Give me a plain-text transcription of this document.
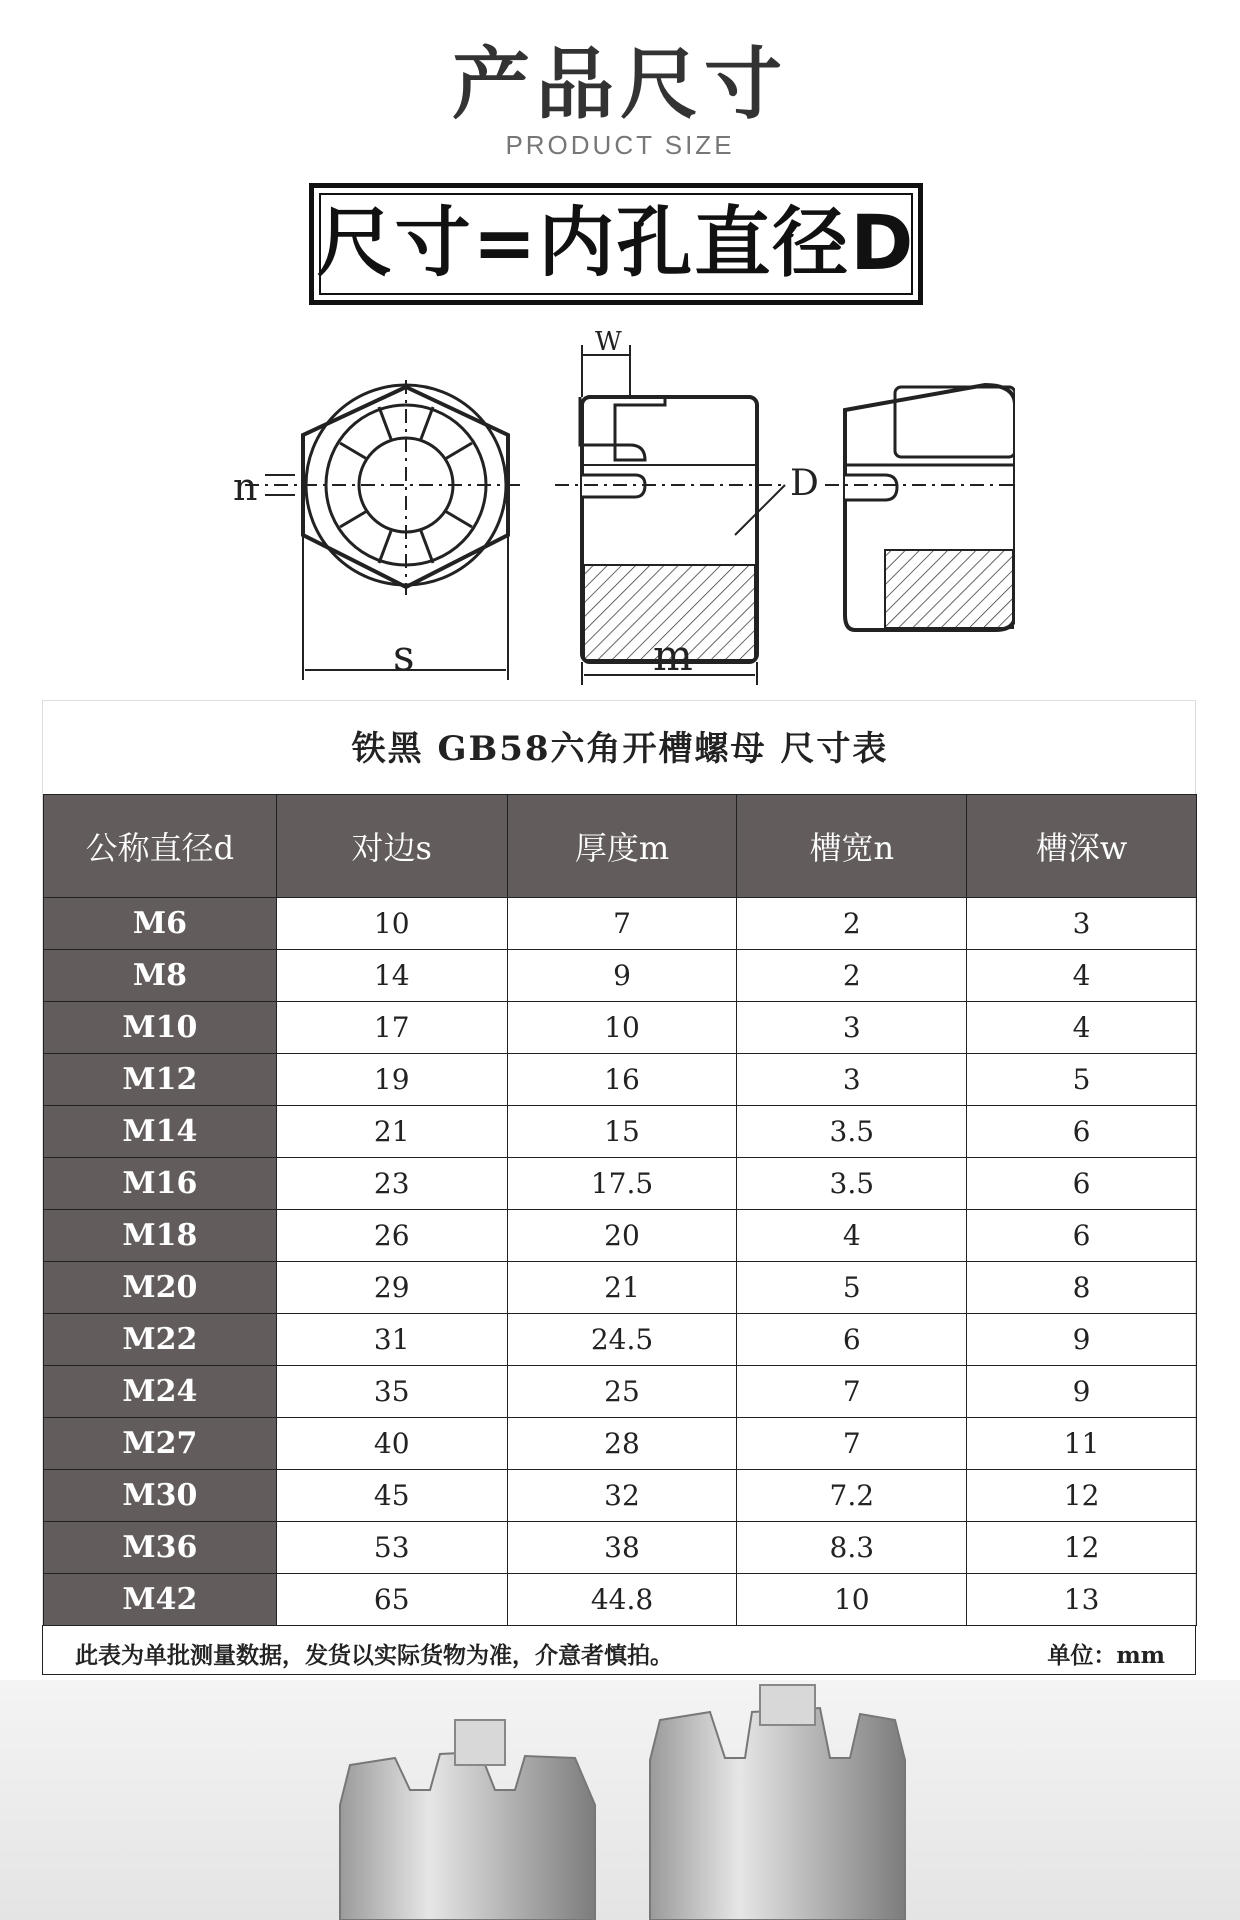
产品尺寸
PRODUCT SIZE
尺寸=内孔直径D
n
s
W
D
m
铁黑 GB58六角开槽螺母 尺寸表
公称直径d	对边s	厚度m	槽宽n	槽深w
M6	10	7	2	3
M8	14	9	2	4
M10	17	10	3	4
M12	19	16	3	5
M14	21	15	3.5	6
M16	23	17.5	3.5	6
M18	26	20	4	6
M20	29	21	5	8
M22	31	24.5	6	9
M24	35	25	7	9
M27	40	28	7	11
M30	45	32	7.2	12
M36	53	38	8.3	12
M42	65	44.8	10	13
此表为单批测量数据，发货以实际货物为准，介意者慎拍。	单位：mm
